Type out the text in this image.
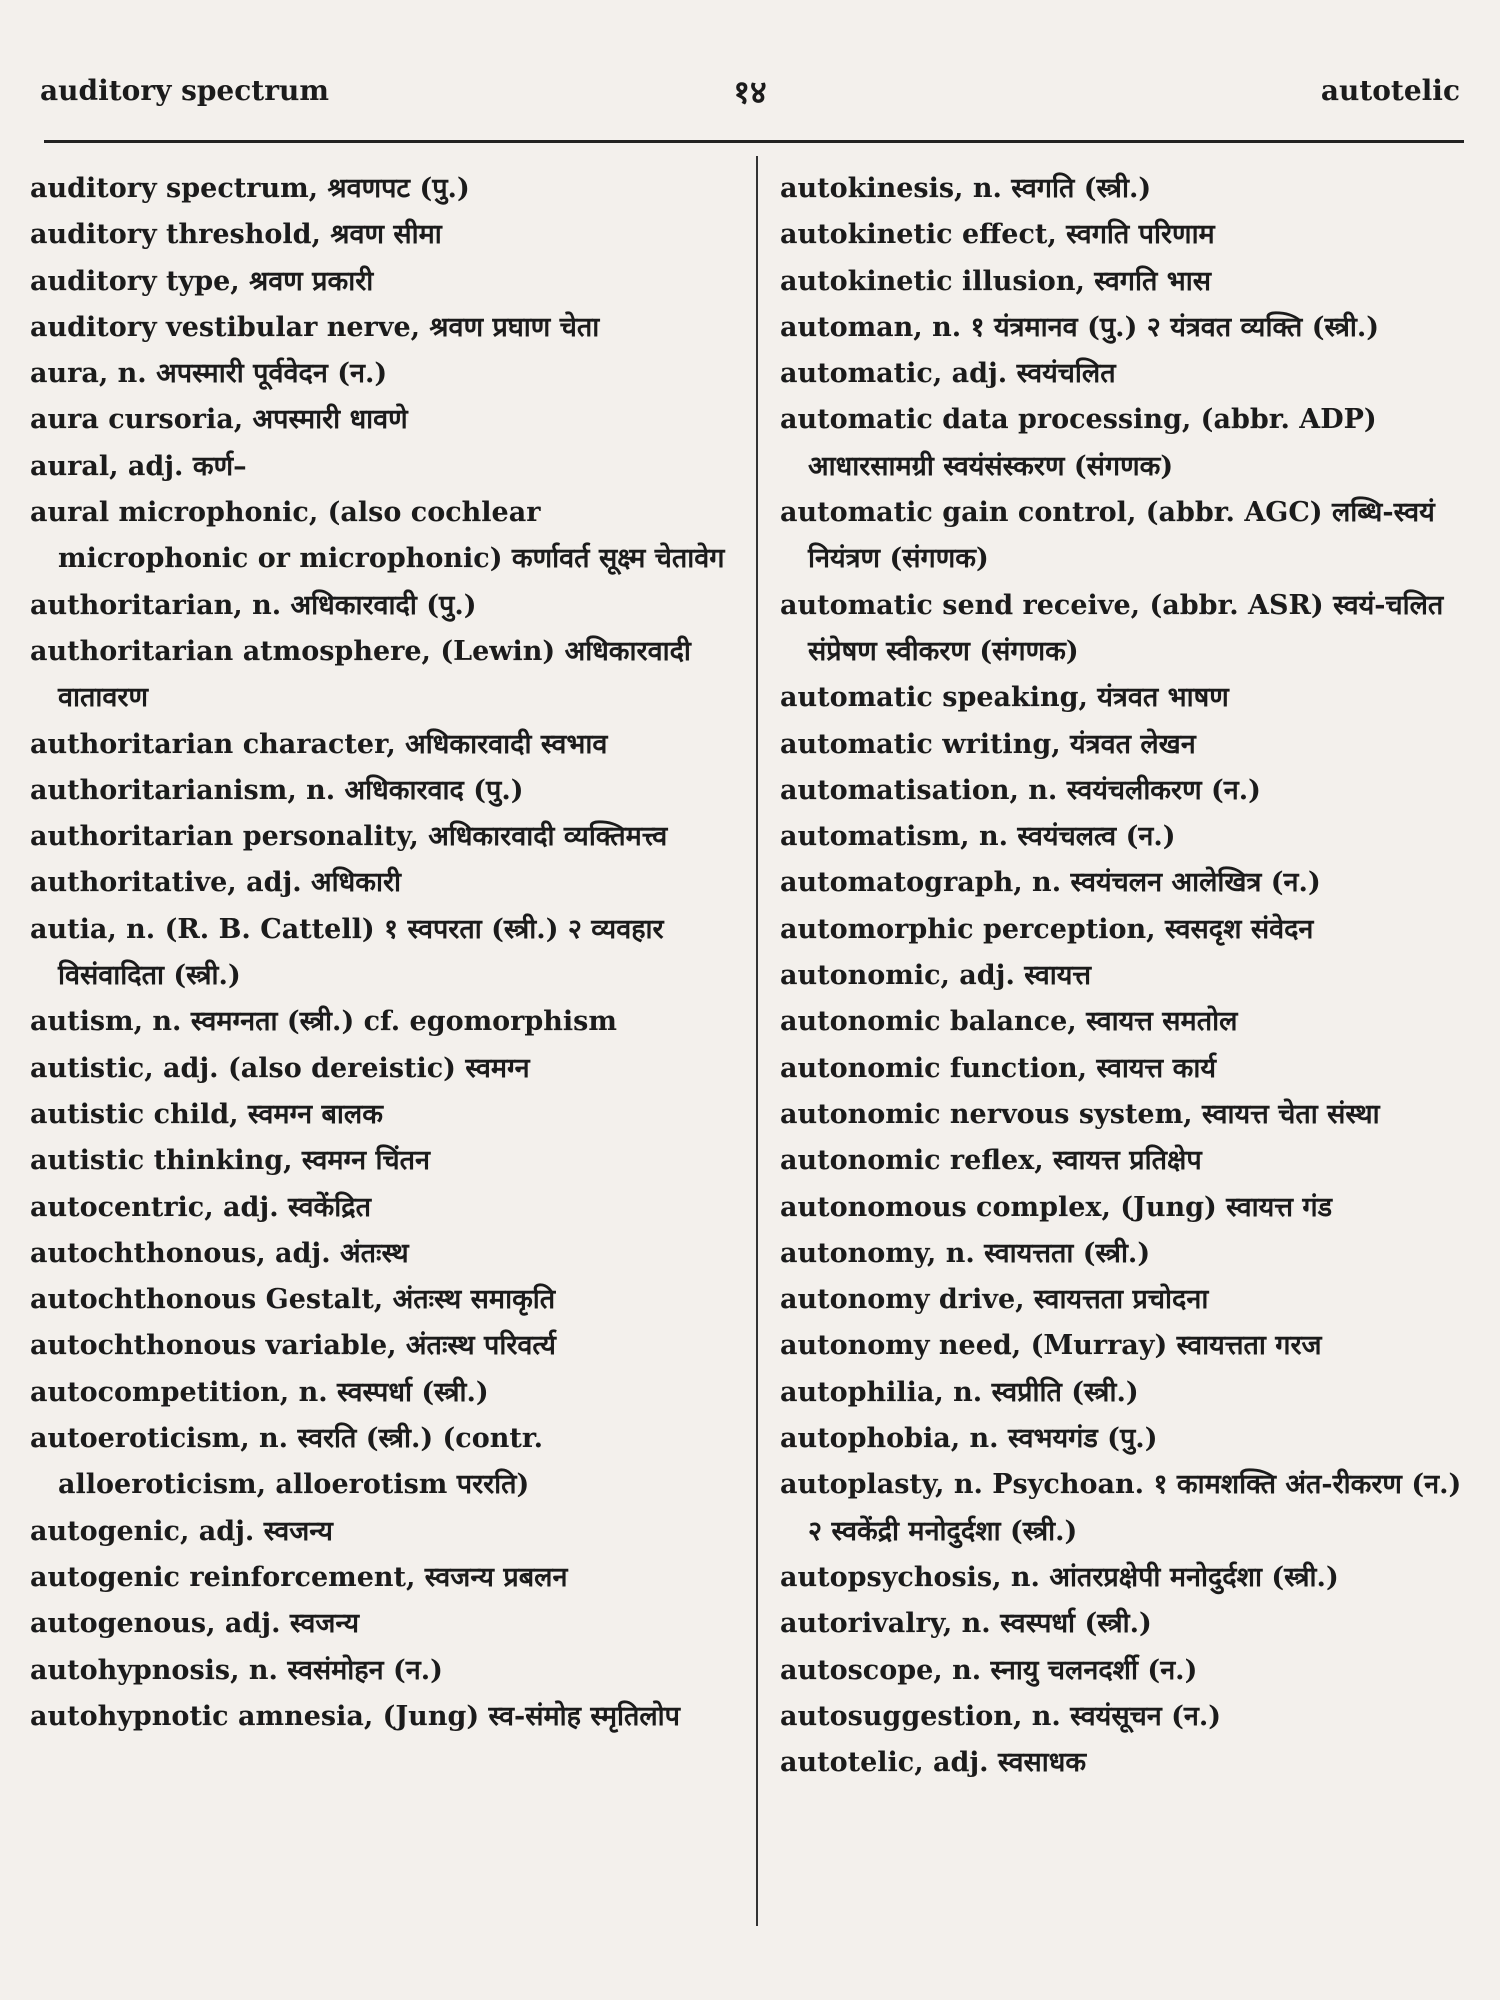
auditory spectrum	१४	autotelic

auditory spectrum, श्रवणपट (पु.)

auditory threshold, श्रवण सीमा

auditory type, श्रवण प्रकारी

auditory vestibular nerve, श्रवण प्रघाण चेता

aura, n. अपस्मारी पूर्ववेदन (न.)

aura cursoria, अपस्मारी धावणे

aural, adj. कर्ण–

aural microphonic, (also cochlear microphonic or microphonic) कर्णावर्त सूक्ष्म चेतावेग

authoritarian, n. अधिकारवादी (पु.)

authoritarian atmosphere, (Lewin) अधिकारवादी वातावरण

authoritarian character, अधिकारवादी स्वभाव

authoritarianism, n. अधिकारवाद (पु.)

authoritarian personality, अधिकारवादी व्यक्तिमत्त्व

authoritative, adj. अधिकारी

autia, n. (R. B. Cattell) १ स्वपरता (स्त्री.) २ व्यवहार विसंवादिता (स्त्री.)

autism, n. स्वमग्नता (स्त्री.) cf. egomorphism

autistic, adj. (also dereistic) स्वमग्न

autistic child, स्वमग्न बालक

autistic thinking, स्वमग्न चिंतन

autocentric, adj. स्वकेंद्रित

autochthonous, adj. अंतःस्थ

autochthonous Gestalt, अंतःस्थ समाकृति

autochthonous variable, अंतःस्थ परिवर्त्य

autocompetition, n. स्वस्पर्धा (स्त्री.)

autoeroticism, n. स्वरति (स्त्री.) (contr. alloeroticism, alloerotism पररति)

autogenic, adj. स्वजन्य

autogenic reinforcement, स्वजन्य प्रबलन

autogenous, adj. स्वजन्य

autohypnosis, n. स्वसंमोहन (न.)

autohypnotic amnesia, (Jung) स्व-संमोह स्मृतिलोप

autokinesis, n. स्वगति (स्त्री.)

autokinetic effect, स्वगति परिणाम

autokinetic illusion, स्वगति भास

automan, n. १ यंत्रमानव (पु.) २ यंत्रवत व्यक्ति (स्त्री.)

automatic, adj. स्वयंचलित

automatic data processing, (abbr. ADP) आधारसामग्री स्वयंसंस्करण (संगणक)

automatic gain control, (abbr. AGC) लब्धि-स्वयं नियंत्रण (संगणक)

automatic send receive, (abbr. ASR) स्वयं-चलित संप्रेषण स्वीकरण (संगणक)

automatic speaking, यंत्रवत भाषण

automatic writing, यंत्रवत लेखन

automatisation, n. स्वयंचलीकरण (न.)

automatism, n. स्वयंचलत्व (न.)

automatograph, n. स्वयंचलन आलेखित्र (न.)

automorphic perception, स्वसदृश संवेदन

autonomic, adj. स्वायत्त

autonomic balance, स्वायत्त समतोल

autonomic function, स्वायत्त कार्य

autonomic nervous system, स्वायत्त चेता संस्था

autonomic reflex, स्वायत्त प्रतिक्षेप

autonomous complex, (Jung) स्वायत्त गंड

autonomy, n. स्वायत्तता (स्त्री.)

autonomy drive, स्वायत्तता प्रचोदना

autonomy need, (Murray) स्वायत्तता गरज

autophilia, n. स्वप्रीति (स्त्री.)

autophobia, n. स्वभयगंड (पु.)

autoplasty, n. Psychoan. १ कामशक्ति अंत-रीकरण (न.) २ स्वकेंद्री मनोदुर्दशा (स्त्री.)

autopsychosis, n. आंतरप्रक्षेपी मनोदुर्दशा (स्त्री.)

autorivalry, n. स्वस्पर्धा (स्त्री.)

autoscope, n. स्नायु चलनदर्शी (न.)

autosuggestion, n. स्वयंसूचन (न.)

autotelic, adj. स्वसाधक
